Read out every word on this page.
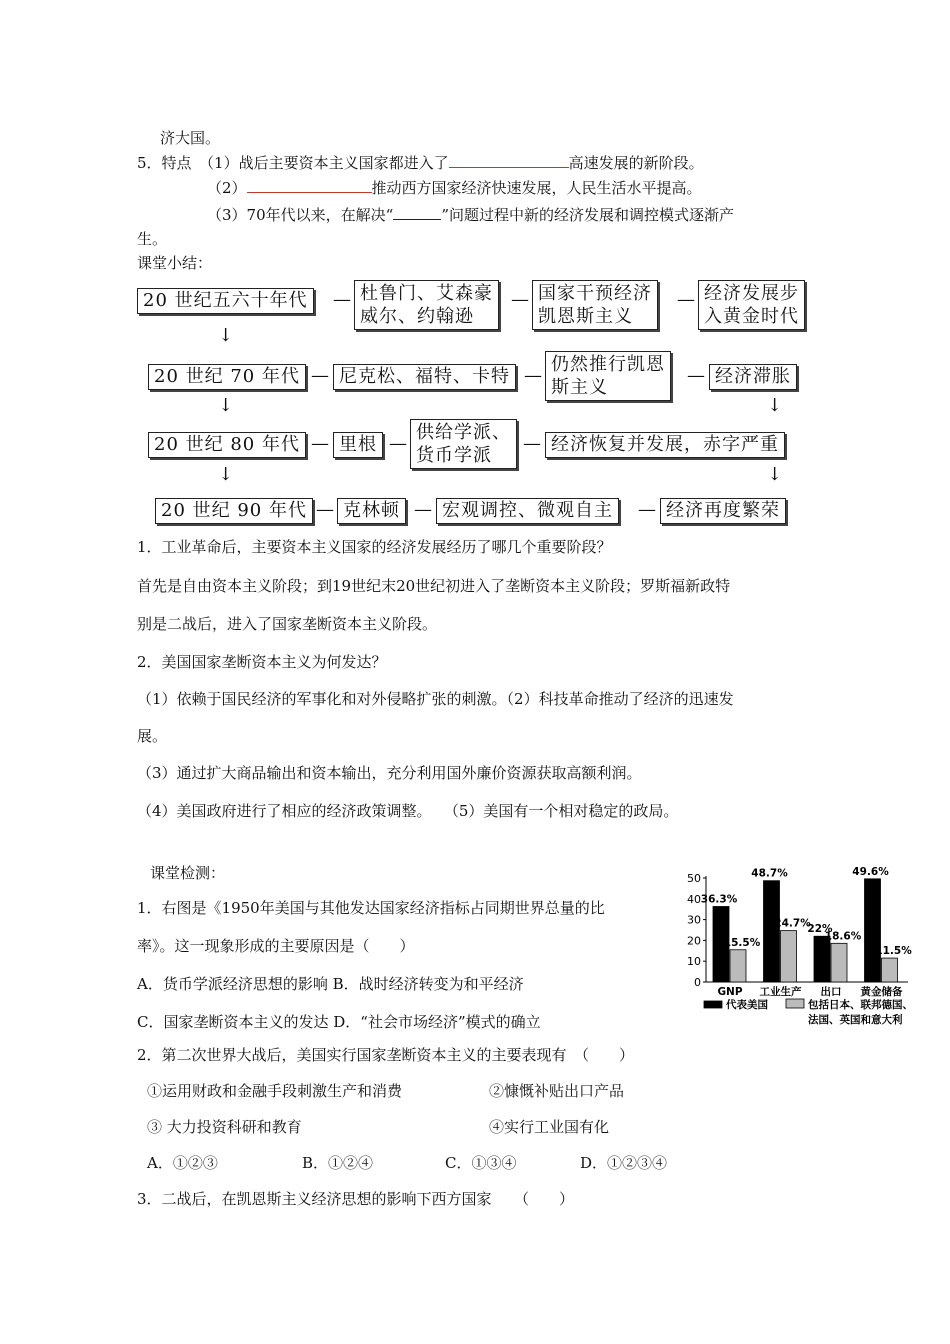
济大国。
5．特点　（1）战后主要资本主义国家都进入了	高速发展的新阶段。
（2）	推动西方国家经济快速发展，人民生活水平提高。
（3）70年代以来，在解决“	”问题过程中新的经济发展和调控模式逐渐产
生。
课堂小结：
20 世纪五六十年代	— 杜鲁门、艾森豪
威尔、约翰逊
— 国家干预经济
凯恩斯主义
— 经济发展步
入黄金时代
↓
20 世纪 70 年代 — 尼克松、福特、卡特 —
仍然推行凯恩
斯主义
— 经济滞胀
↓	↓
20 世纪 80 年代 — 里根 —
供给学派、
货币学派
— 经济恢复并发展，赤字严重
↓	↓
20 世纪 90 年代 — 克林顿 — 宏观调控、微观自主	— 经济再度繁荣
1．工业革命后，主要资本主义国家的经济发展经历了哪几个重要阶段？
首先是自由资本主义阶段；到19世纪末20世纪初进入了垄断资本主义阶段；罗斯福新政特
别是二战后，进入了国家垄断资本主义阶段。
2．美国国家垄断资本主义为何发达？
（1）依赖于国民经济的军事化和对外侵略扩张的刺激。（2）科技革命推动了经济的迅速发
展。
（3）通过扩大商品输出和资本输出，充分利用国外廉价资源获取高额利润。
（4）美国政府进行了相应的经济政策调整。　 （5）美国有一个相对稳定的政局。
课堂检测：
1．右图是《1950年美国与其他发达国家经济指标占同期世界总量的比
率》。这一现象形成的主要原因是（　　）
A．货币学派经济思想的影响 B．战时经济转变为和平经济
C．国家垄断资本主义的发达 D．“社会市场经济”模式的确立
2．第二次世界大战后，美国实行国家垄断资本主义的主要表现有　（　　）
①运用财政和金融手段刺激生产和消费	②慷慨补贴出口产品
③ 大力投资科研和教育	④实行工业国有化
A．①②③	B．①②④	C．①③④	D．①②③④
3．二战后，在凯恩斯主义经济思想的影响下西方国家　　（　　）
0
10
20
30
40
50
36.3%
15.5%
GNP
48.7%
24.7%
工业生产
22%
18.6%
出口
49.6%
11.5%
黄金储备
代表美国	包括日本、联邦德国、
法国、英国和意大利
